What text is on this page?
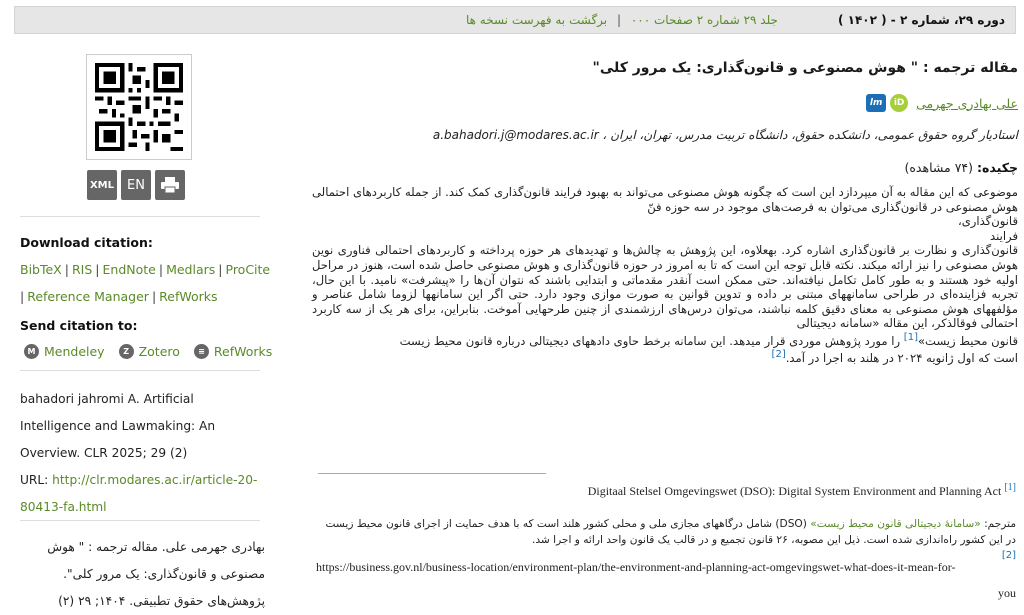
دوره ۲۹، شماره ۲ - ( ۱۴۰۲ )
جلد ۲۹ شماره ۲ صفحات ۰۰۰ | برگشت به فهرست نسخه ها
مقاله ترجمه : " هوش مصنوعی و قانون‌گذاری: یک مرور کلی"
علی بهادری جهرمی
iD
lm
استادیار گروه حقوق عمومی، دانشکده حقوق، دانشگاه تربیت مدرس، تهران، ایران ، a.bahadori.j@modares.ac.ir
چکیده: (۷۴ مشاهده)
موضوعی که این مقاله به آن میپردازد این است که چگونه هوش مصنوعی می‌تواند به بهبود فرایند قانون‌گذاری کمک کند. از جمله کاربردهای احتمالی هوش مصنوعی در قانون‌گذاری می‌توان به فرصت‌های موجود در سه حوزه فنّ
قانون‌گذاری،
فرایند
قانون‌گذاری و نظارت بر قانون‌گذاری اشاره کرد. بهعلاوه، این پژوهش به چالش‌ها و تهدیدهای هر حوزه پرداخته و کاربردهای احتمالی فناوری نوین هوش مصنوعی را نیز ارائه میکند. نکته قابل توجه این است که تا به امروز در حوزه قانون‌گذاری و هوش مصنوعی حاصل شده است، هنوز در مراحل اولیه خود هستند و به طور کامل تکامل نیافته‌اند. حتی ممکن است آنقدر مقدماتی و ابتدایی باشند که نتوان آن‌ها را «پیشرفت» نامید. با این حال، تجربه فزاینده‌ای در طراحی سامانههای مبتنی بر داده و تدوین قوانین به صورت موازی وجود دارد. حتی اگر این سامانهها لزوما شامل عناصر و مؤلفههای هوش مصنوعی به معنای دقیق کلمه نباشند، می‌توان درس‌های ارزشمندی از چنین طرحهایی آموخت. بنابراین، برای هر یک از سه کاربرد احتمالی فوقالذکر، این مقاله «سامانه دیجیتالی
قانون محیط زیست»[1] را مورد پژوهش موردی قرار میدهد. این سامانه برخط حاوی دادههای دیجیتالی درباره قانون محیط زیست
است که اول ژانویه ۲۰۲۴ در هلند به اجرا در آمد.[2]
Digitaal Stelsel Omgevingswet (DSO): Digital System Environment and Planning Act [1]
مترجم: «سامانۀ دیجیتالی قانون محیط زیست» (DSO) شامل درگاههای مجازی ملی و محلی کشور هلند است که با هدف حمایت از اجرای قانون محیط زیست در این کشور راه‌اندازی شده است. ذیل این مصوبه، ۲۶ قانون تجمیع و در قالب یک قانون واحد ارائه و اجرا شد.
[2]
https://business.gov.nl/business-location/environment-plan/the-environment-and-planning-act-omgevingswet-what-does-it-mean-for-
you
XML	EN
Download citation:
BibTeX | RIS | EndNote | Medlars | ProCite
| Reference Manager | RefWorks
Send citation to:
M Mendeley	Z Zotero	≡ RefWorks
bahadori jahromi A. Artificial Intelligence and Lawmaking: An Overview. CLR 2025; 29 (2)
URL: http://clr.modares.ac.ir/article-20-80413-fa.html
بهادری جهرمی علی. مقاله ترجمه : " هوش مصنوعی و قانون‌گذاری: یک مرور کلی". پژوهش‌های حقوق تطبیقی. ۱۴۰۴; ۲۹ (۲)
